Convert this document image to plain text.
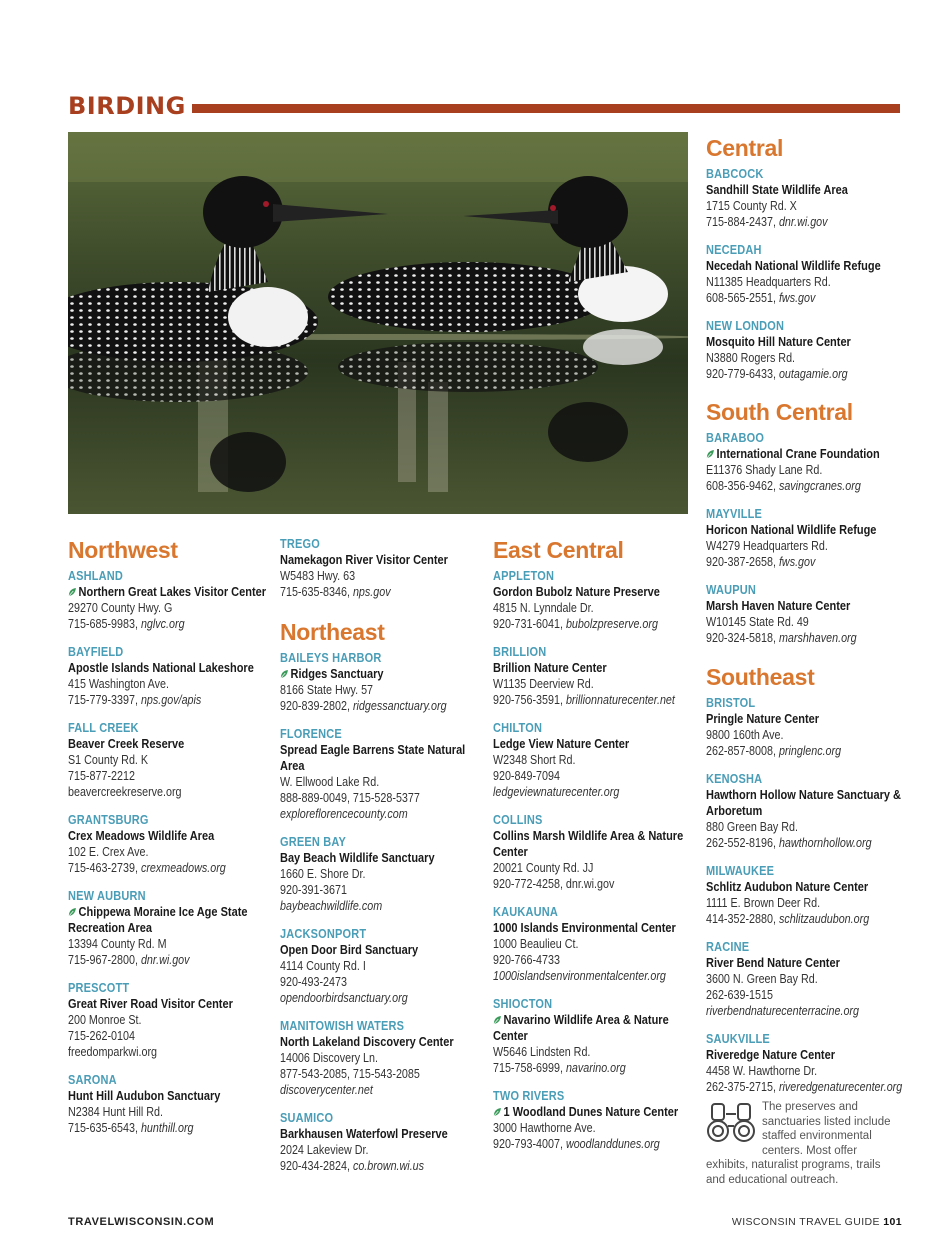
BIRDING
Northwest
ASHLAND
Northern Great Lakes Visitor Center
29270 County Hwy. G
715-685-9983, nglvc.org
BAYFIELD
Apostle Islands National Lakeshore
415 Washington Ave.
715-779-3397, nps.gov/apis
FALL CREEK
Beaver Creek Reserve
S1 County Rd. K
715-877-2212
beavercreekreserve.org
GRANTSBURG
Crex Meadows Wildlife Area
102 E. Crex Ave.
715-463-2739, crexmeadows.org
NEW AUBURN
Chippewa Moraine Ice Age State Recreation Area
13394 County Rd. M
715-967-2800, dnr.wi.gov
PRESCOTT
Great River Road Visitor Center
200 Monroe St.
715-262-0104
freedomparkwi.org
SARONA
Hunt Hill Audubon Sanctuary
N2384 Hunt Hill Rd.
715-635-6543, hunthill.org
TREGO
Namekagon River Visitor Center
W5483 Hwy. 63
715-635-8346, nps.gov
Northeast
BAILEYS HARBOR
Ridges Sanctuary
8166 State Hwy. 57
920-839-2802, ridgessanctuary.org
FLORENCE
Spread Eagle Barrens State Natural Area
W. Ellwood Lake Rd.
888-889-0049, 715-528-5377
exploreflorencecounty.com
GREEN BAY
Bay Beach Wildlife Sanctuary
1660 E. Shore Dr.
920-391-3671
baybeachwildlife.com
JACKSONPORT
Open Door Bird Sanctuary
4114 County Rd. I
920-493-2473
opendoorbirdsanctuary.org
MANITOWISH WATERS
North Lakeland Discovery Center
14006 Discovery Ln.
877-543-2085, 715-543-2085
discoverycenter.net
SUAMICO
Barkhausen Waterfowl Preserve
2024 Lakeview Dr.
920-434-2824, co.brown.wi.us
East Central
APPLETON
Gordon Bubolz Nature Preserve
4815 N. Lynndale Dr.
920-731-6041, bubolzpreserve.org
BRILLION
Brillion Nature Center
W1135 Deerview Rd.
920-756-3591, brillionnaturecenter.net
CHILTON
Ledge View Nature Center
W2348 Short Rd.
920-849-7094
ledgeviewnaturecenter.org
COLLINS
Collins Marsh Wildlife Area & Nature Center
20021 County Rd. JJ
920-772-4258, dnr.wi.gov
KAUKAUNA
1000 Islands Environmental Center
1000 Beaulieu Ct.
920-766-4733
1000islandsenvironmentalcenter.org
SHIOCTON
Navarino Wildlife Area & Nature Center
W5646 Lindsten Rd.
715-758-6999, navarino.org
TWO RIVERS
1 Woodland Dunes Nature Center
3000 Hawthorne Ave.
920-793-4007, woodlanddunes.org
Central
BABCOCK
Sandhill State Wildlife Area
1715 County Rd. X
715-884-2437, dnr.wi.gov
NECEDAH
Necedah National Wildlife Refuge
N11385 Headquarters Rd.
608-565-2551, fws.gov
NEW LONDON
Mosquito Hill Nature Center
N3880 Rogers Rd.
920-779-6433, outagamie.org
South Central
BARABOO
International Crane Foundation
E11376 Shady Lane Rd.
608-356-9462, savingcranes.org
MAYVILLE
Horicon National Wildlife Refuge
W4279 Headquarters Rd.
920-387-2658, fws.gov
WAUPUN
Marsh Haven Nature Center
W10145 State Rd. 49
920-324-5818, marshhaven.org
Southeast
BRISTOL
Pringle Nature Center
9800 160th Ave.
262-857-8008, pringlenc.org
KENOSHA
Hawthorn Hollow Nature Sanctuary & Arboretum
880 Green Bay Rd.
262-552-8196, hawthornhollow.org
MILWAUKEE
Schlitz Audubon Nature Center
1111 E. Brown Deer Rd.
414-352-2880, schlitzaudubon.org
RACINE
River Bend Nature Center
3600 N. Green Bay Rd.
262-639-1515
riverbendnaturecenterracine.org
SAUKVILLE
Riveredge Nature Center
4458 W. Hawthorne Dr.
262-375-2715, riveredgenaturecenter.org
The preserves and sanctuaries listed include staffed environmental centers. Most offer exhibits, naturalist programs, trails and educational outreach.
TRAVELWISCONSIN.COM	WISCONSIN TRAVEL GUIDE 101
